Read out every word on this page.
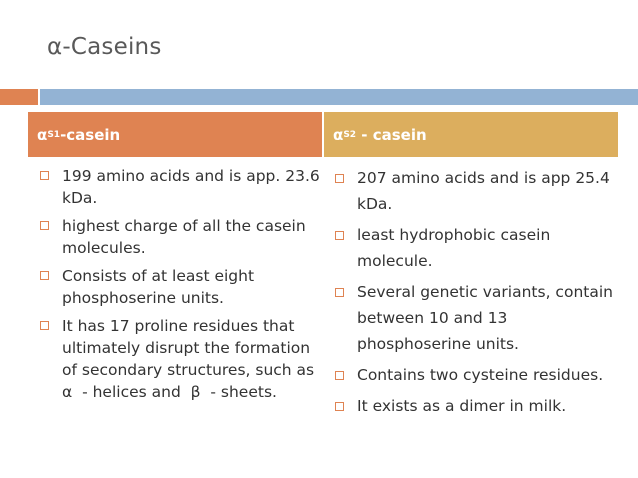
α-Caseins
α S1 -casein	α S2 - casein
199 amino acids and is app. 23.6 kDa.
highest charge of all the casein molecules.
Consists of at least eight phosphoserine units.
It has 17 proline residues that ultimately disrupt the formation of secondary structures, such as  α  - helices and  β  - sheets.
207 amino acids and is app 25.4 kDa.
least hydrophobic casein molecule.
Several genetic variants, contain between 10 and 13 phosphoserine units.
Contains two cysteine residues.
It exists as a dimer in milk.
